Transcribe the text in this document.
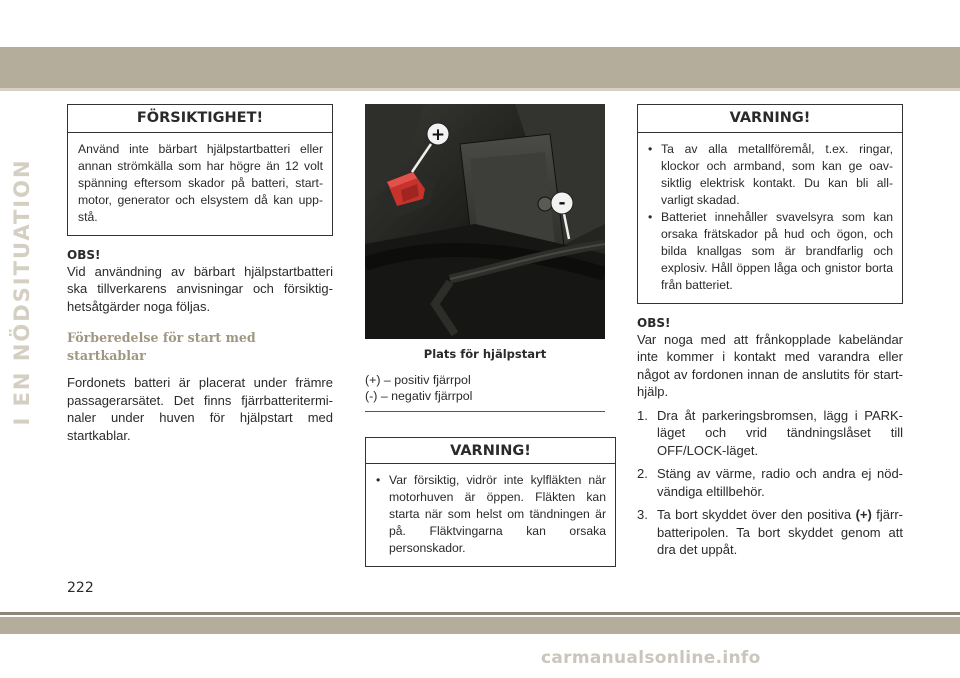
I EN NÖDSITUATION
FÖRSIKTIGHET!
Använd inte bärbart hjälpstartbatteri eller annan strömkälla som har högre än 12 volt spänning eftersom skador på batteri, start-motor, generator och elsystem då kan upp-stå.
OBS!
Vid användning av bärbart hjälpstartbatteri ska tillverkarens anvisningar och försiktig-hetsåtgärder noga följas.
Förberedelse för start med startkablar
Fordonets batteri är placerat under främre passagerarsätet. Det finns fjärrbatteritermi-naler under huven för hjälpstart med startkablar.
+
-
Plats för hjälpstart
(+) – positiv fjärrpol
(-) – negativ fjärrpol
VARNING!
• Var försiktig, vidrör inte kylfläkten när motorhuven är öppen. Fläkten kan starta när som helst om tändningen är på. Fläktvingarna kan orsaka personskador.
VARNING!
• Ta av alla metallföremål, t.ex. ringar, klockor och armband, som kan ge oav-siktlig elektrisk kontakt. Du kan bli all-varligt skadad.
• Batteriet innehåller svavelsyra som kan orsaka frätskador på hud och ögon, och bilda knallgas som är brandfarlig och explosiv. Håll öppen låga och gnistor borta från batteriet.
OBS!
Var noga med att frånkopplade kabeländar inte kommer i kontakt med varandra eller något av fordonen innan de anslutits för start-hjälp.
1. Dra åt parkeringsbromsen, lägg i PARK-läget och vrid tändningslåset till OFF/LOCK-läget.
2. Stäng av värme, radio och andra ej nöd-vändiga eltillbehör.
3. Ta bort skyddet över den positiva (+) fjärr-batteripolen. Ta bort skyddet genom att dra det uppåt.
222
carmanualsonline.info
